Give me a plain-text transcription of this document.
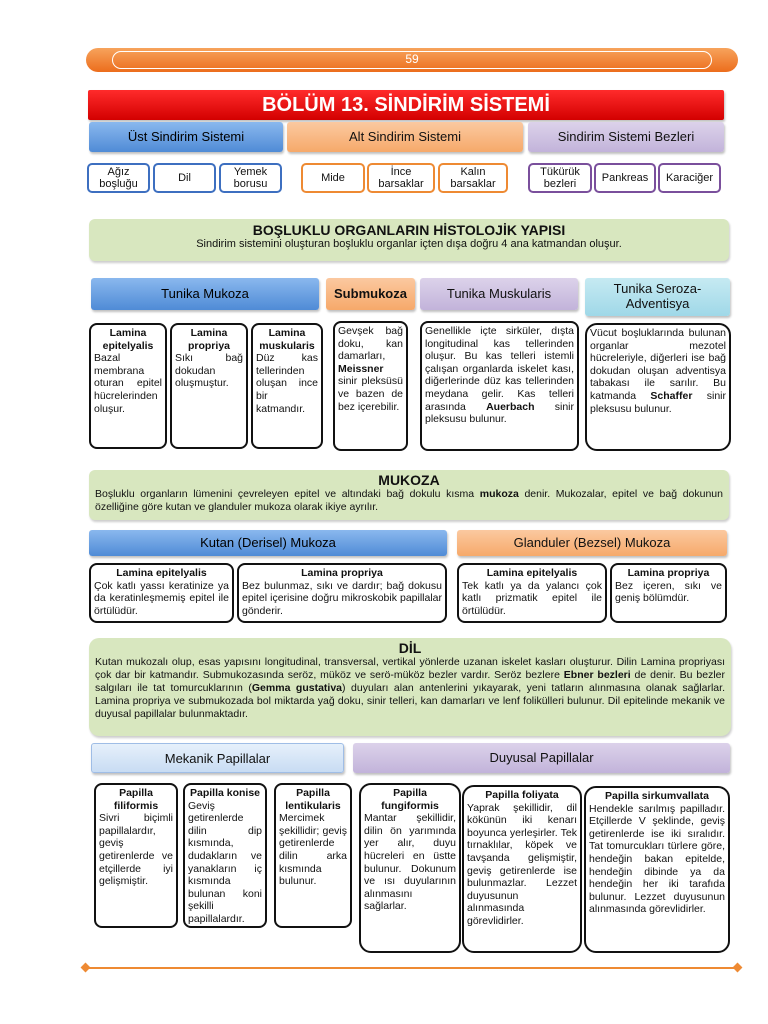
59
BÖLÜM 13. SİNDİRİM SİSTEMİ
Üst Sindirim Sistemi	Alt Sindirim Sistemi	Sindirim Sistemi Bezleri
Ağız boşluğu	Dil	Yemek borusu	Mide	İnce barsaklar
Kalın barsaklar
Tükürük bezleri	Pankreas	Karaciğer
BOŞLUKLU ORGANLARIN HİSTOLOJİK YAPISI
Sindirim sistemini oluşturan boşluklu organlar içten dışa doğru 4 ana katmandan oluşur.
Tunika Mukoza	Submukoza	Tunika Muskularis	Tunika Seroza-Adventisya
Lamina epitelyalis
Bazal membrana oturan epitel hücrelerinden oluşur.
Lamina propriya
Sıkı bağ dokudan oluşmuştur.
Lamina muskularis
Düz kas tellerinden oluşan ince bir katmandır.
Gevşek bağ doku, kan damarları, Meissner sinir pleksüsü ve bazen de bez içerebilir.
Genellikle içte sirküler, dışta longitudinal kas tellerinden oluşur. Bu kas telleri istemli çalışan organlarda iskelet kası, diğerlerinde düz kas tellerinden meydana gelir. Kas telleri arasında Auerbach sinir pleksusu bulunur.
Vücut boşluklarında bulunan organlar mezotel hücreleriyle, diğerleri ise bağ dokudan oluşan adventisya tabakası ile sarılır. Bu katmanda Schaffer sinir pleksusu bulunur.
MUKOZA
Boşluklu organların lümenini çevreleyen epitel ve altındaki bağ dokulu kısma mukoza denir. Mukozalar, epitel ve bağ dokunun özelliğine göre kutan ve glanduler mukoza olarak ikiye ayrılır.
Kutan (Derisel) Mukoza	Glanduler (Bezsel) Mukoza
Lamina epitelyalis
Çok katlı yassı keratinize ya da keratinleşmemiş epitel ile örtülüdür.
Lamina propriya
Bez bulunmaz, sıkı ve dardır; bağ dokusu epitel içerisine doğru mikroskobik papillalar gönderir.
Lamina epitelyalis
Tek katlı ya da yalancı çok katlı prizmatik epitel ile örtülüdür.
Lamina propriya
Bez içeren, sıkı ve geniş bölümdür.
DİL
Kutan mukozalı olup, esas yapısını longitudinal, transversal, vertikal yönlerde uzanan iskelet kasları oluşturur. Dilin Lamina propriyası çok dar bir katmandır. Submukozasında seröz, müköz ve serö-müköz bezler vardır. Seröz bezlere Ebner bezleri de denir. Bu bezler salgıları ile tat tomurcuklarının (Gemma gustativa) duyuları alan antenlerini yıkayarak, yeni tatların alınmasına olanak sağlarlar. Lamina propriya ve submukozada bol miktarda yağ doku, sinir telleri, kan damarları ve lenf folikülleri bulunur. Dil epitelinde mekanik ve duyusal papillalar bulunmaktadır.
Mekanik Papillalar	Duyusal Papillalar
Papilla filiformis
Sivri biçimli papillalardır, geviş getirenlerde ve etçillerde iyi gelişmiştir.
Papilla konise
Geviş getirenlerde dilin dip kısmında, dudakların ve yanakların iç kısmında bulunan koni şekilli papillalardır.
Papilla lentikularis
Mercimek şekillidir; geviş getirenlerde dilin arka kısmında bulunur.
Papilla fungiformis
Mantar şekillidir, dilin ön yarımında yer alır, duyu hücreleri en üstte bulunur. Dokunum ve ısı duyularının alınmasını sağlarlar.
Papilla foliyata
Yaprak şekillidir, dil kökünün iki kenarı boyunca yerleşirler. Tek tırnaklılar, köpek ve tavşanda gelişmiştir, geviş getirenlerde ise bulunmazlar. Lezzet duyusunun alınmasında görevlidirler.
Papilla sirkumvallata
Hendekle sarılmış papilladır. Etçillerde V şeklinde, geviş getirenlerde ise iki sıralıdır. Tat tomurcukları türlere göre, hendeğin bakan epitelde, hendeğin dibinde ya da hendeğin her iki tarafıda bulunur. Lezzet duyusunun alınmasında görevlidirler.
